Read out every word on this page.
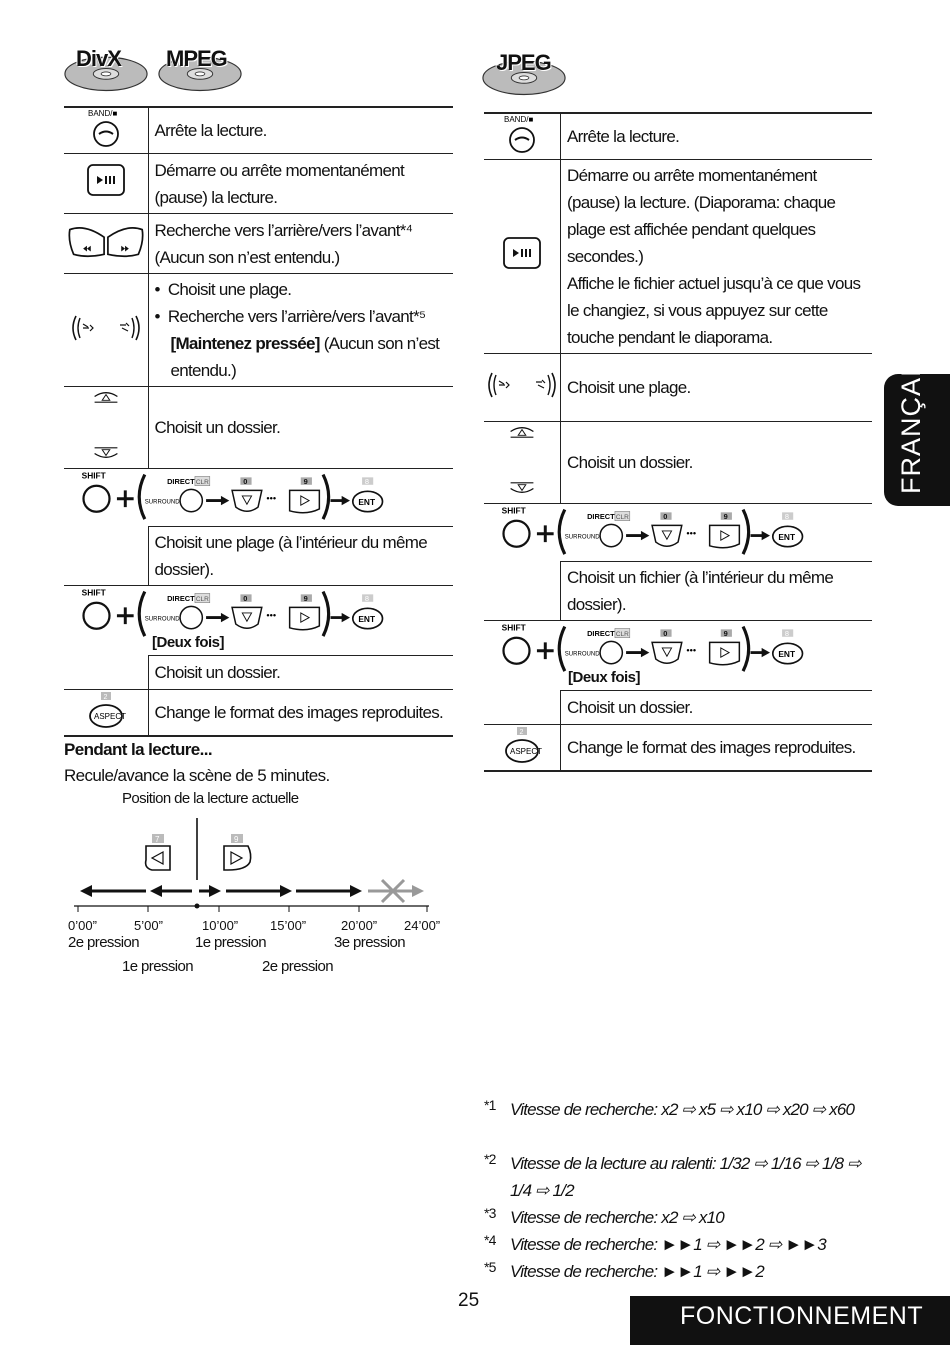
DivX MPEG
	Arrête la lecture.
	Démarre ou arrête momentanément (pause) la lecture.
	Recherche vers l’arrière/vers l’avant*⁴ (Aucun son n’est entendu.)

•  Choisit une plage.
•  Recherche vers l’arrière/vers l’avant*⁵ [Maintenez pressée] (Aucun son n’est entendu.)

	Choisit un dossier.

	Choisit une plage (à l’intérieur du même dossier).

[Deux fois]	

	Choisit un dossier.
	Change le format des images reproduites.
Pendant la lecture...
Recule/avance la scène de 5 minutes.
Position de la lecture actuelle
7	9
0’00”	5’00”	10’00” 15’00”	20’00” 24’00”
2e pression	1e pression	3e pression
1e pression	2e pression
JPEG
	Arrête la lecture.

Démarre ou arrête momentanément (pause) la lecture. (Diaporama: chaque plage est affichée pendant quelques secondes.)
Affiche le fichier actuel jusqu’à ce que vous le changiez, si vous appuyez sur cette touche pendant le diaporama.

	Choisit une plage.
	Choisit un dossier.

	Choisit un fichier (à l’intérieur du même dossier).

[Deux fois]	

	Choisit un dossier.
	Change le format des images reproduites.
FRANÇAIS
*1 Vitesse de recherche: x2 ⇨ x5 ⇨ x10 ⇨ x20 ⇨ x60
*2 Vitesse de la lecture au ralenti: 1/32 ⇨ 1/16 ⇨ 1/8 ⇨ 1/4 ⇨ 1/2
*3 Vitesse de recherche: x2 ⇨ x10
*4 Vitesse de recherche: ►►1 ⇨ ►►2 ⇨ ►►3
*5 Vitesse de recherche: ►►1 ⇨ ►►2
25
FONCTIONNEMENT
